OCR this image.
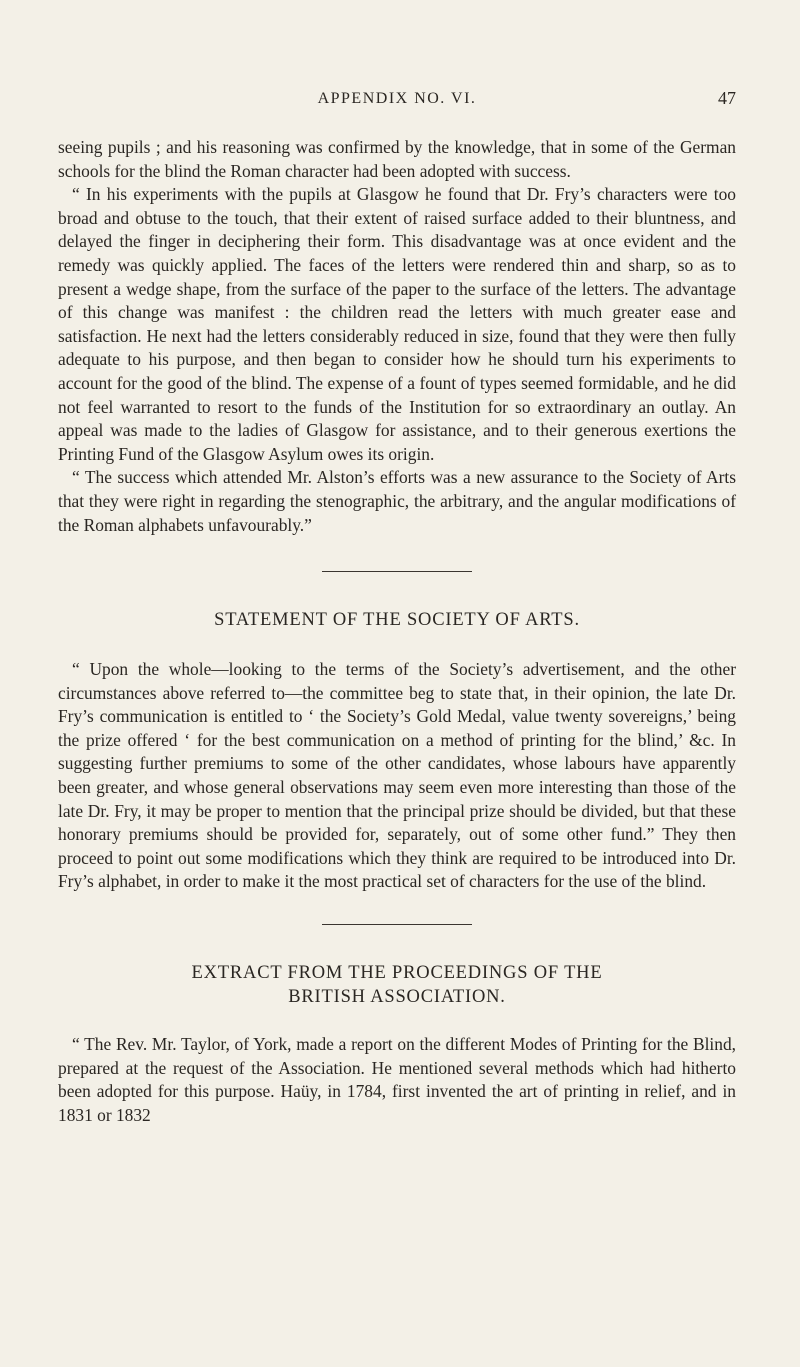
APPENDIX NO. VI.	47

seeing pupils ; and his reasoning was confirmed by the knowledge, that in some of the German schools for the blind the Roman character had been adopted with success.

“ In his experiments with the pupils at Glasgow he found that Dr. Fry’s characters were too broad and obtuse to the touch, that their extent of raised surface added to their bluntness, and delayed the finger in deciphering their form. This disadvantage was at once evident and the remedy was quickly applied. The faces of the letters were rendered thin and sharp, so as to present a wedge shape, from the surface of the paper to the surface of the letters. The advantage of this change was manifest : the children read the letters with much greater ease and satisfaction. He next had the letters considerably reduced in size, found that they were then fully adequate to his purpose, and then began to consider how he should turn his experiments to account for the good of the blind. The expense of a fount of types seemed formidable, and he did not feel warranted to resort to the funds of the Institution for so extraordinary an outlay. An appeal was made to the ladies of Glasgow for assistance, and to their generous exertions the Printing Fund of the Glasgow Asylum owes its origin.

“ The success which attended Mr. Alston’s efforts was a new assurance to the Society of Arts that they were right in regarding the stenographic, the arbitrary, and the angular modifications of the Roman alphabets unfavourably.”

STATEMENT OF THE SOCIETY OF ARTS.

“ Upon the whole—looking to the terms of the Society’s advertisement, and the other circumstances above referred to—the committee beg to state that, in their opinion, the late Dr. Fry’s communication is entitled to ‘ the Society’s Gold Medal, value twenty sovereigns,’ being the prize offered ‘ for the best communication on a method of printing for the blind,’ &c. In suggesting further premiums to some of the other candidates, whose labours have apparently been greater, and whose general observations may seem even more interesting than those of the late Dr. Fry, it may be proper to mention that the principal prize should be divided, but that these honorary premiums should be provided for, separately, out of some other fund.” They then proceed to point out some modifications which they think are required to be introduced into Dr. Fry’s alphabet, in order to make it the most practical set of characters for the use of the blind.

EXTRACT FROM THE PROCEEDINGS OF THE
BRITISH ASSOCIATION.

“ The Rev. Mr. Taylor, of York, made a report on the different Modes of Printing for the Blind, prepared at the request of the Association. He mentioned several methods which had hitherto been adopted for this purpose. Haüy, in 1784, first invented the art of printing in relief, and in 1831 or 1832
